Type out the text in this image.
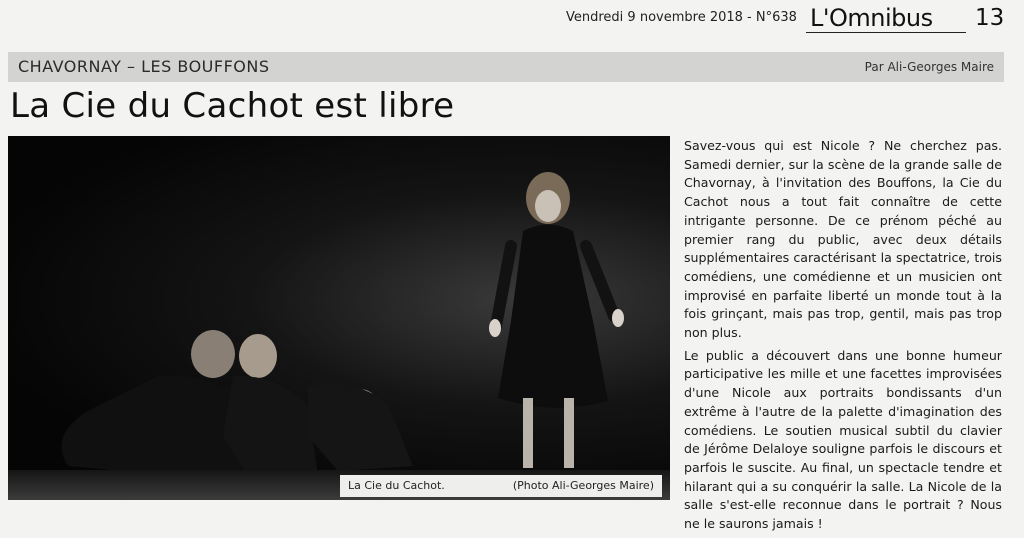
Vendredi 9 novembre 2018 - N°638 L'Omnibus 13
CHAVORNAY – LES BOUFFONS	Par Ali-Georges Maire
La Cie du Cachot est libre
La Cie du Cachot.	(Photo Ali-Georges Maire)

Savez-vous qui est Nicole ? Ne cherchez pas. Samedi dernier, sur la scène de la grande salle de Chavornay, à l'invitation des Bouffons, la Cie du Cachot nous a tout fait connaître de cette intrigante personne. De ce prénom péché au premier rang du public, avec deux détails supplémentaires caractérisant la spectatrice, trois comédiens, une comédienne et un musicien ont improvisé en parfaite liberté un monde tout à la fois grinçant, mais pas trop, gentil, mais pas trop non plus.

Le public a découvert dans une bonne humeur participative les mille et une facettes improvisées d'une Nicole aux portraits bondissants d'un extrême à l'autre de la palette d'imagination des comédiens. Le soutien musical subtil du clavier de Jérôme Delaloye souligne parfois le discours et parfois le suscite. Au final, un spectacle tendre et hilarant qui a su conquérir la salle. La Nicole de la salle s'est-elle reconnue dans le portrait ? Nous ne le saurons jamais !
